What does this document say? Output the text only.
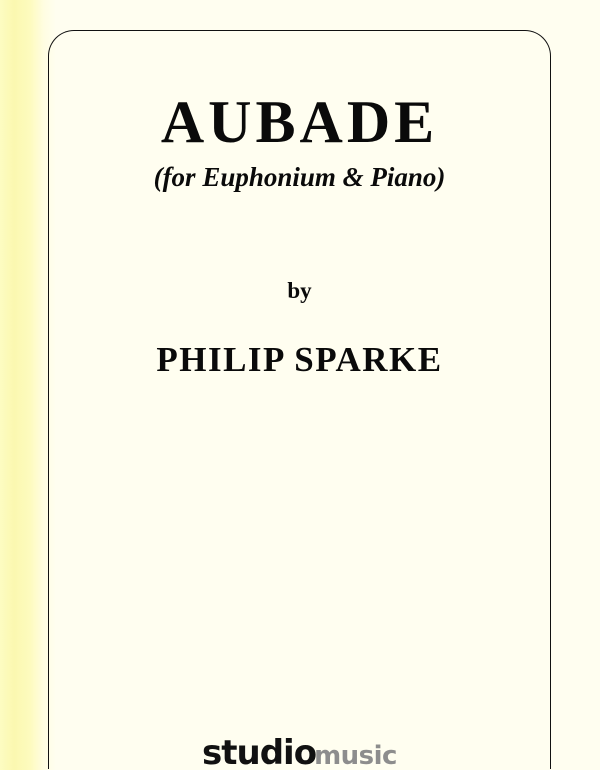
AUBADE
(for Euphonium & Piano)
by
PHILIP SPARKE
studiomusic
